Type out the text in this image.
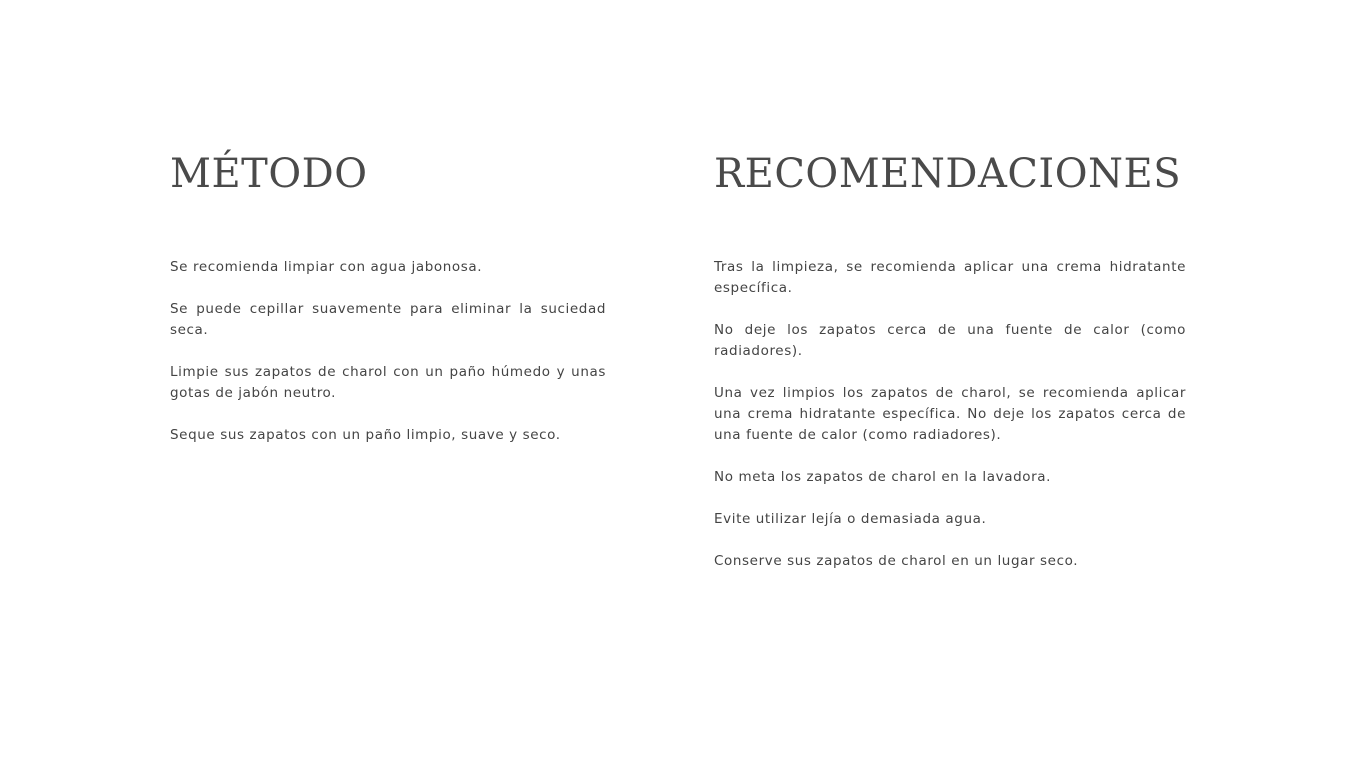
MÉTODO

Se recomienda limpiar con agua jabonosa.

Se puede cepillar suavemente para eliminar la suciedad seca.

Limpie sus zapatos de charol con un paño húmedo y unas gotas de jabón neutro.

Seque sus zapatos con un paño limpio, suave y seco.

RECOMENDACIONES

Tras la limpieza, se recomienda aplicar una crema hidratante específica.

No deje los zapatos cerca de una fuente de calor (como radiadores).

Una vez limpios los zapatos de charol, se recomienda aplicar una crema hidratante específica. No deje los zapatos cerca de una fuente de calor (como radiadores).

No meta los zapatos de charol en la lavadora.

Evite utilizar lejía o demasiada agua.

Conserve sus zapatos de charol en un lugar seco.
